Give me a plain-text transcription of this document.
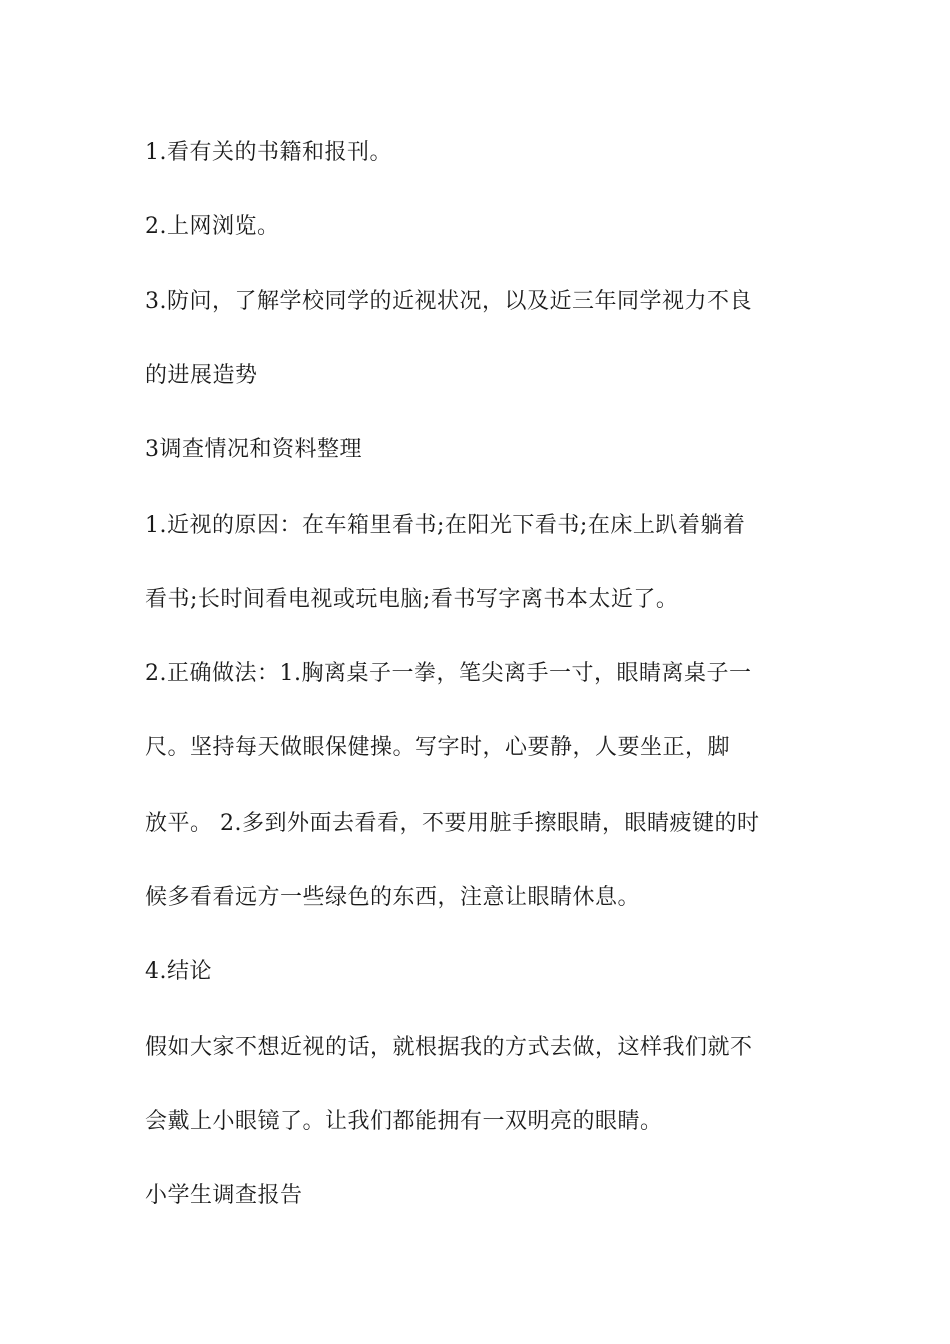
1.看有关的书籍和报刊。
2.上网浏览。
3.防问，了解学校同学的近视状况，以及近三年同学视力不良
的进展造势
3调查情况和资料整理
1.近视的原因：在车箱里看书;在阳光下看书;在床上趴着躺着
看书;长时间看电视或玩电脑;看书写字离书本太近了。
2.正确做法：1.胸离桌子一拳，笔尖离手一寸，眼睛离桌子一
尺。坚持每天做眼保健操。写字时，心要静，人要坐正，脚
放平。 2.多到外面去看看，不要用脏手擦眼睛，眼睛疲键的时
候多看看远方一些绿色的东西，注意让眼睛休息。
4.结论
假如大家不想近视的话，就根据我的方式去做，这样我们就不
会戴上小眼镜了。让我们都能拥有一双明亮的眼睛。
小学生调查报告
